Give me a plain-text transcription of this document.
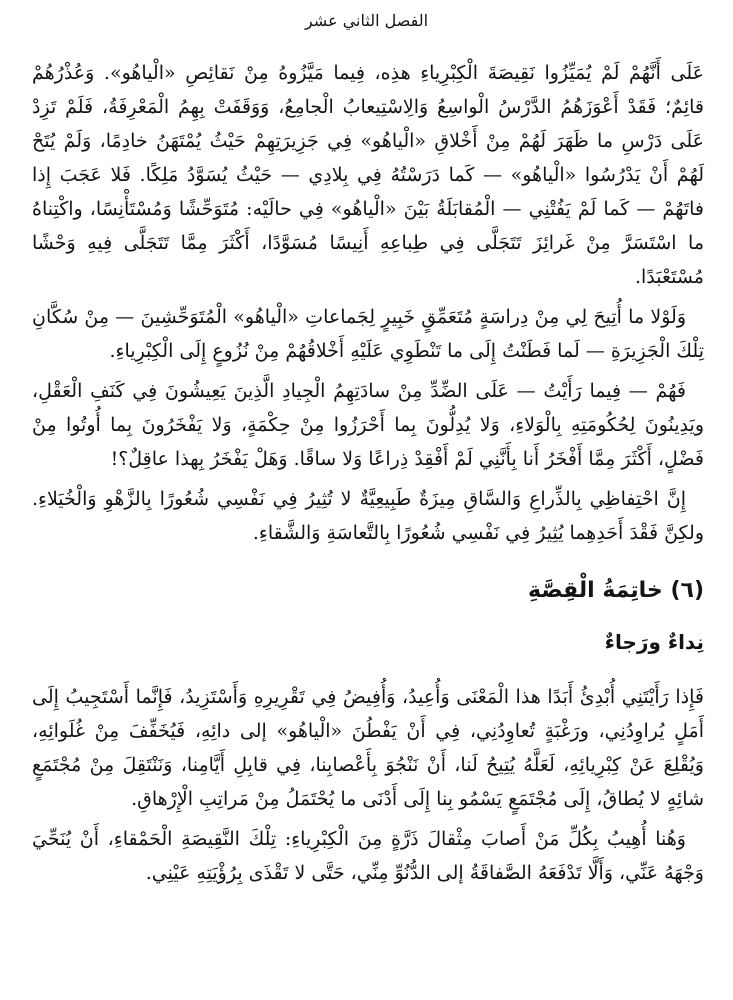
الفصل الثاني عشر

عَلَى أَنَّهُمْ لَمْ يُمَيِّزُوا نَقِيصَةَ الْكِبْرِياءِ هذِه، فِيما مَيَّزُوهُ مِنْ نَقائِصِ «الْياهُو». وَعُذْرُهُمْ قائِمٌ؛ فَقَدْ أَعْوَزَهُمُ الدَّرْسُ الْواسِعُ وَالِاسْتِيعابُ الْجامِعُ، وَوَقَفَتْ بِهِمُ الْمَعْرِفَةُ، فَلَمْ تَزِدْ عَلَى دَرْسِ ما ظَهَرَ لَهُمْ مِنْ أَخْلاقِ «الْياهُو» فِي جَزِيرَتِهِمْ حَيْثُ يُمْتَهَنُ خادِمًا، وَلَمْ يُتَحْ لَهُمْ أَنْ يَدْرُسُوا «الْياهُو» — كَما دَرَسْتُهُ فِي بِلادِي — حَيْثُ يُسَوَّدُ مَلِكًا. فَلا عَجَبَ إِذا فاتَهُمْ — كَما لَمْ يَفُتْنِي — الْمُقابَلَةُ بَيْنَ «الْياهُو» فِي حالَيْه: مُتَوَحِّشًا وَمُسْتَأْنِسًا، واكْتِناهُ ما اسْتَسَرَّ مِنْ غَرائِزَ تَتَجَلَّى فِي طِباعِهِ أَنِيسًا مُسَوَّدًا، أَكْثَرَ مِمَّا تَتَجَلَّى فِيهِ وَحْشًا مُسْتَعْبَدًا.

وَلَوْلا ما أُتِيحَ لِي مِنْ دِراسَةٍ مُتَعَمِّقٍ خَبِيرٍ لِجَماعاتِ «الْياهُو» الْمُتَوَحِّشِينَ — مِنْ سُكَّانِ تِلْكَ الْجَزِيرَةِ — لَما فَطَنْتُ إِلَى ما تَنْطَوِي عَلَيْهِ أَخْلاقُهُمْ مِنْ نُزُوعٍ إِلَى الْكِبْرِياءِ.

فَهُمْ — فِيما رَأَيْتُ — عَلَى الضِّدِّ مِنْ سادَتِهِمُ الْجِيادِ الَّذِينَ يَعِيشُونَ فِي كَنَفِ الْعَقْلِ، ويَدِينُونَ لِحُكُومَتِهِ بِالْوَلاءِ، وَلا يُدِلُّونَ بِما أَحْرَزُوا مِنْ حِكْمَةٍ، وَلا يَفْخَرُونَ بِما أُوتُوا مِنْ فَضْلٍ، أَكْثَرَ مِمَّا أَفْخَرُ أَنا بِأَنَّنِي لَمْ أَفْقِدْ ذِراعًا وَلا ساقًا. وَهَلْ يَفْخَرُ بِهذا عاقِلٌ؟!

إِنَّ احْتِفاظِي بِالذِّراعِ وَالسَّاقِ مِيزَةٌ طَبِيعِيَّةٌ لا تُثِيرُ فِي نَفْسِي شُعُورًا بِالزَّهْوِ وَالْخُيَلاءِ. ولكِنَّ فَقْدَ أَحَدِهِما يُثِيرُ فِي نَفْسِي شُعُورًا بِالتَّعاسَةِ وَالشَّقاءِ.

(٦) خاتِمَةُ الْقِصَّةِ
نِداءٌ ورَجاءٌ

فَإِذا رَأَيْتَنِي أُبْدِئُ أَبَدًا هذا الْمَعْنَى وَأُعِيدُ، وَأُفِيضُ فِي تَقْرِيرِهِ وَأَسْتَزِيدُ، فَإِنَّما أَسْتَجِيبُ إِلَى أَمَلٍ يُراوِدُنِي، ورَغْبَةٍ تُعاوِدُنِي، فِي أَنْ يَفْطُنَ «الْياهُو» إلى دائِهِ، فَيُخَفِّفَ مِنْ غُلَوائِهِ، وَيُقْلِعَ عَنْ كِبْرِيائِهِ، لَعَلَّهُ يُتِيحُ لَنا، أَنْ نَنْجُوَ بِأَعْصابِنا، فِي قابِلِ أَيَّامِنا، وَنَنْتَقِلَ مِنْ مُجْتَمَعٍ شائِهٍ لا يُطاقُ، إِلَى مُجْتَمَعٍ يَسْمُو بِنا إِلَى أَدْنَى ما يُحْتَمَلُ مِنْ مَراتِبِ الْإِرْهاقِ.

وَهُنا أُهِيبُ بِكُلِّ مَنْ أَصابَ مِثْقالَ ذَرَّةٍ مِنَ الْكِبْرِياءِ: تِلْكَ النَّقِيصَةِ الْحَمْقاءِ، أَنْ يُنَحِّيَ وَجْهَهُ عَنِّي، وَأَلَّا تَدْفَعَهُ الصَّفاقَةُ إلى الدُّنُوِّ مِنِّي، حَتَّى لا تَقْذَى بِرُؤْيَتِهِ عَيْنِي.
